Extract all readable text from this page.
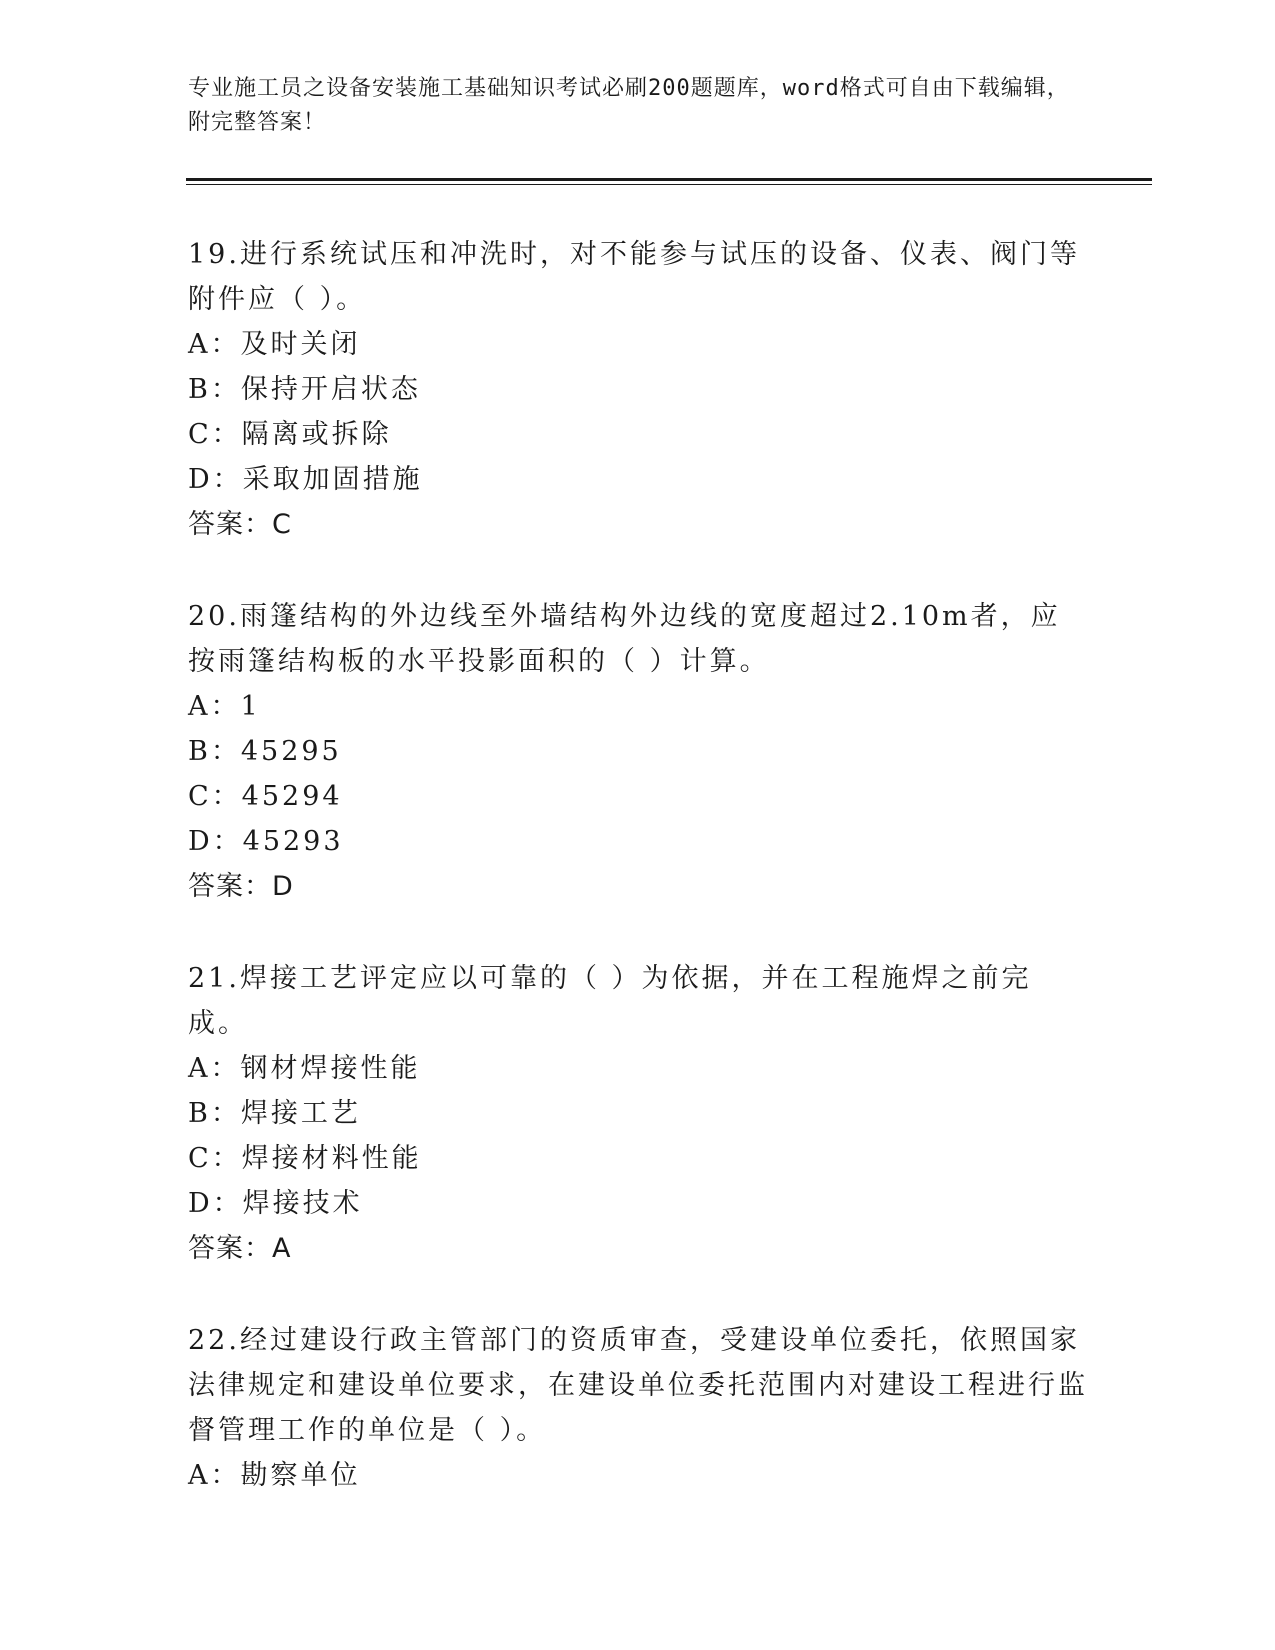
专业施工员之设备安装施工基础知识考试必刷200题题库，word格式可自由下载编辑，附完整答案！
19.进行系统试压和冲洗时，对不能参与试压的设备、仪表、阀门等附件应（ ）。
A：及时关闭
B：保持开启状态
C：隔离或拆除
D：采取加固措施
答案：C
20.雨篷结构的外边线至外墙结构外边线的宽度超过2.10m者，应按雨篷结构板的水平投影面积的（ ）计算。
A：1
B：45295
C：45294
D：45293
答案：D
21.焊接工艺评定应以可靠的（ ）为依据，并在工程施焊之前完成。
A：钢材焊接性能
B：焊接工艺
C：焊接材料性能
D：焊接技术
答案：A
22.经过建设行政主管部门的资质审查，受建设单位委托，依照国家法律规定和建设单位要求，在建设单位委托范围内对建设工程进行监督管理工作的单位是（ ）。
A：勘察单位
